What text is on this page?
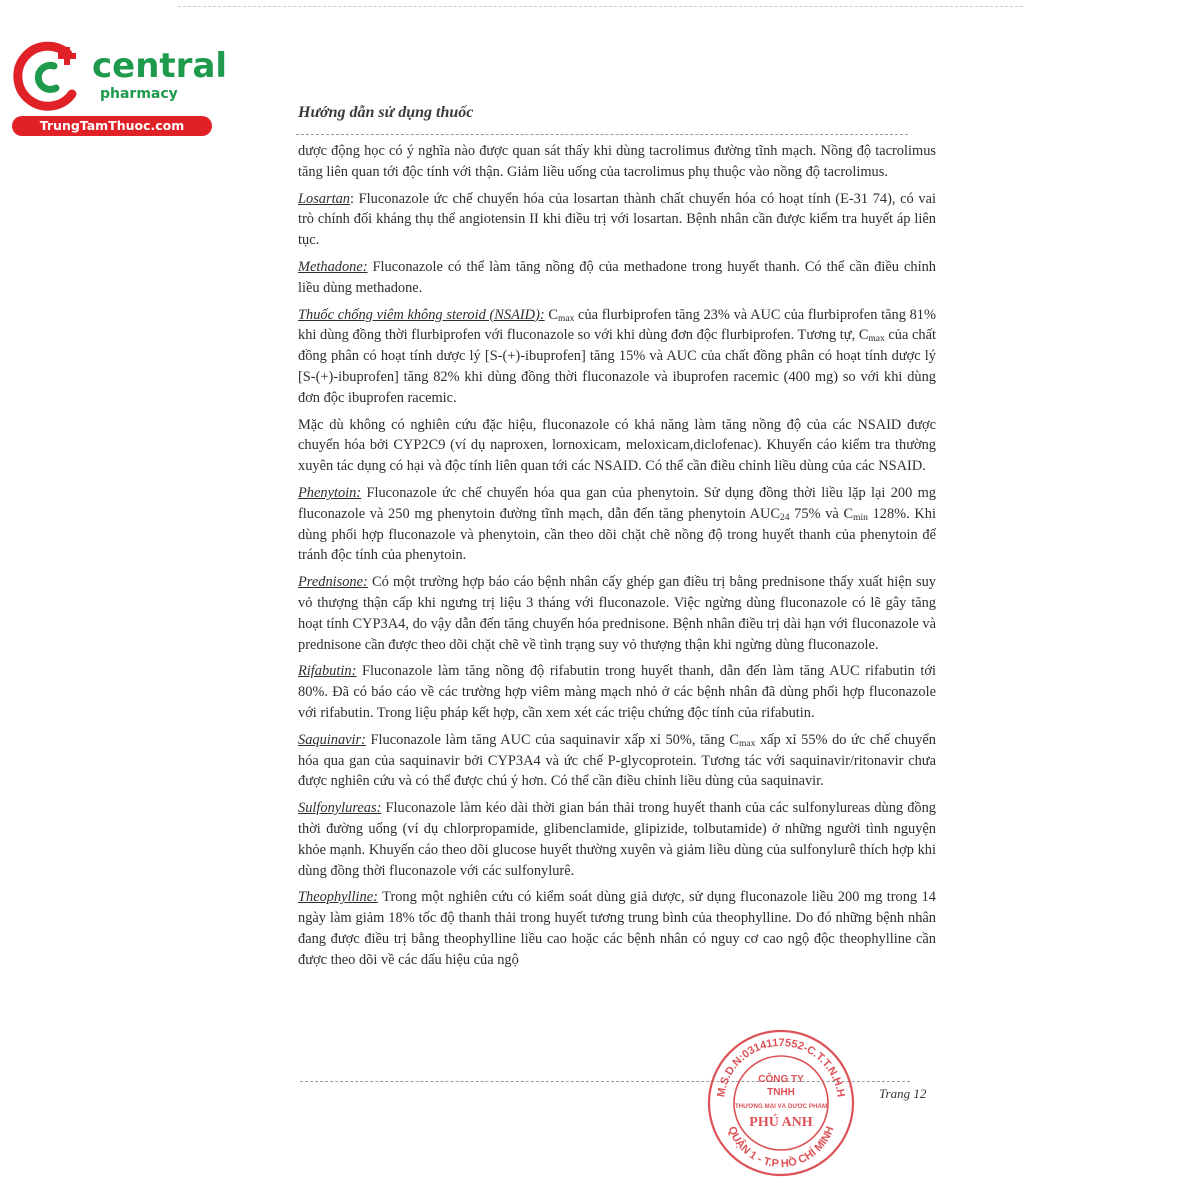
central
pharmacy
TrungTamThuoc.com
Hướng dẫn sử dụng thuốc

dược động học có ý nghĩa nào được quan sát thấy khi dùng tacrolimus đường tĩnh mạch. Nồng độ tacrolimus tăng liên quan tới độc tính với thận. Giảm liều uống của tacrolimus phụ thuộc vào nồng độ tacrolimus.

Losartan: Fluconazole ức chế chuyển hóa của losartan thành chất chuyển hóa có hoạt tính (E-31 74), có vai trò chính đối kháng thụ thể angiotensin II khi điều trị với losartan. Bệnh nhân cần được kiểm tra huyết áp liên tục.

Methadone: Fluconazole có thể làm tăng nồng độ của methadone trong huyết thanh. Có thể cần điều chỉnh liều dùng methadone.

Thuốc chống viêm không steroid (NSAID): $C_{max}$ của flurbiprofen tăng 23% và AUC của flurbiprofen tăng 81% khi dùng đồng thời flurbiprofen với fluconazole so với khi dùng đơn độc flurbiprofen. Tương tự, $C_{max}$ của chất đồng phân có hoạt tính dược lý [S-(+)-ibuprofen] tăng 15% và AUC của chất đồng phân có hoạt tính dược lý [S-(+)-ibuprofen] tăng 82% khi dùng đồng thời fluconazole và ibuprofen racemic (400 mg) so với khi dùng đơn độc ibuprofen racemic.

Mặc dù không có nghiên cứu đặc hiệu, fluconazole có khả năng làm tăng nồng độ của các NSAID được chuyển hóa bởi CYP2C9 (ví dụ naproxen, lornoxicam, meloxicam,diclofenac). Khuyến cáo kiểm tra thường xuyên tác dụng có hại và độc tính liên quan tới các NSAID. Có thể cần điều chỉnh liều dùng của các NSAID.

Phenytoin: Fluconazole ức chế chuyển hóa qua gan của phenytoin. Sử dụng đồng thời liều lặp lại 200 mg fluconazole và 250 mg phenytoin đường tĩnh mạch, dẫn đến tăng phenytoin $AUC_{24}$ 75% và $C_{min}$ 128%. Khi dùng phối hợp fluconazole và phenytoin, cần theo dõi chặt chẽ nồng độ trong huyết thanh của phenytoin để tránh độc tính của phenytoin.

Prednisone: Có một trường hợp báo cáo bệnh nhân cấy ghép gan điều trị bằng prednisone thấy xuất hiện suy vỏ thượng thận cấp khi ngưng trị liệu 3 tháng với fluconazole. Việc ngừng dùng fluconazole có lẽ gây tăng hoạt tính CYP3A4, do vậy dẫn đến tăng chuyển hóa prednisone. Bệnh nhân điều trị dài hạn với fluconazole và prednisone cần được theo dõi chặt chẽ về tình trạng suy vỏ thượng thận khi ngừng dùng fluconazole.

Rifabutin: Fluconazole làm tăng nồng độ rifabutin trong huyết thanh, dẫn đến làm tăng AUC rifabutin tới 80%. Đã có báo cáo về các trường hợp viêm màng mạch nhỏ ở các bệnh nhân đã dùng phối hợp fluconazole với rifabutin. Trong liệu pháp kết hợp, cần xem xét các triệu chứng độc tính của rifabutin.

Saquinavir: Fluconazole làm tăng AUC của saquinavir xấp xỉ 50%, tăng $C_{max}$ xấp xỉ 55% do ức chế chuyển hóa qua gan của saquinavir bởi CYP3A4 và ức chế P-glycoprotein. Tương tác với saquinavir/ritonavir chưa được nghiên cứu và có thể được chú ý hơn. Có thể cần điều chỉnh liều dùng của saquinavir.

Sulfonylureas: Fluconazole làm kéo dài thời gian bán thải trong huyết thanh của các sulfonylureas dùng đồng thời đường uống (ví dụ chlorpropamide, glibenclamide, glipizide, tolbutamide) ở những người tình nguyện khỏe mạnh. Khuyến cáo theo dõi glucose huyết thường xuyên và giảm liều dùng của sulfonylurê thích hợp khi dùng đồng thời fluconazole với các sulfonylurê.

Theophylline: Trong một nghiên cứu có kiểm soát dùng giả dược, sử dụng fluconazole liều 200 mg trong 14 ngày làm giảm 18% tốc độ thanh thải trong huyết tương trung bình của theophylline. Do đó những bệnh nhân đang được điều trị bằng theophylline liều cao hoặc các bệnh nhân có nguy cơ cao ngộ độc theophylline cần được theo dõi về các dấu hiệu của ngộ

Trang 12
M.S.D.N:0314117552-C.T.T.N.H.H
QUẬN 1 - T.P HỒ CHÍ MINH
CÔNG TY
TNHH
THƯƠNG MẠI VÀ DƯỢC PHẨM
PHÚ ANH
